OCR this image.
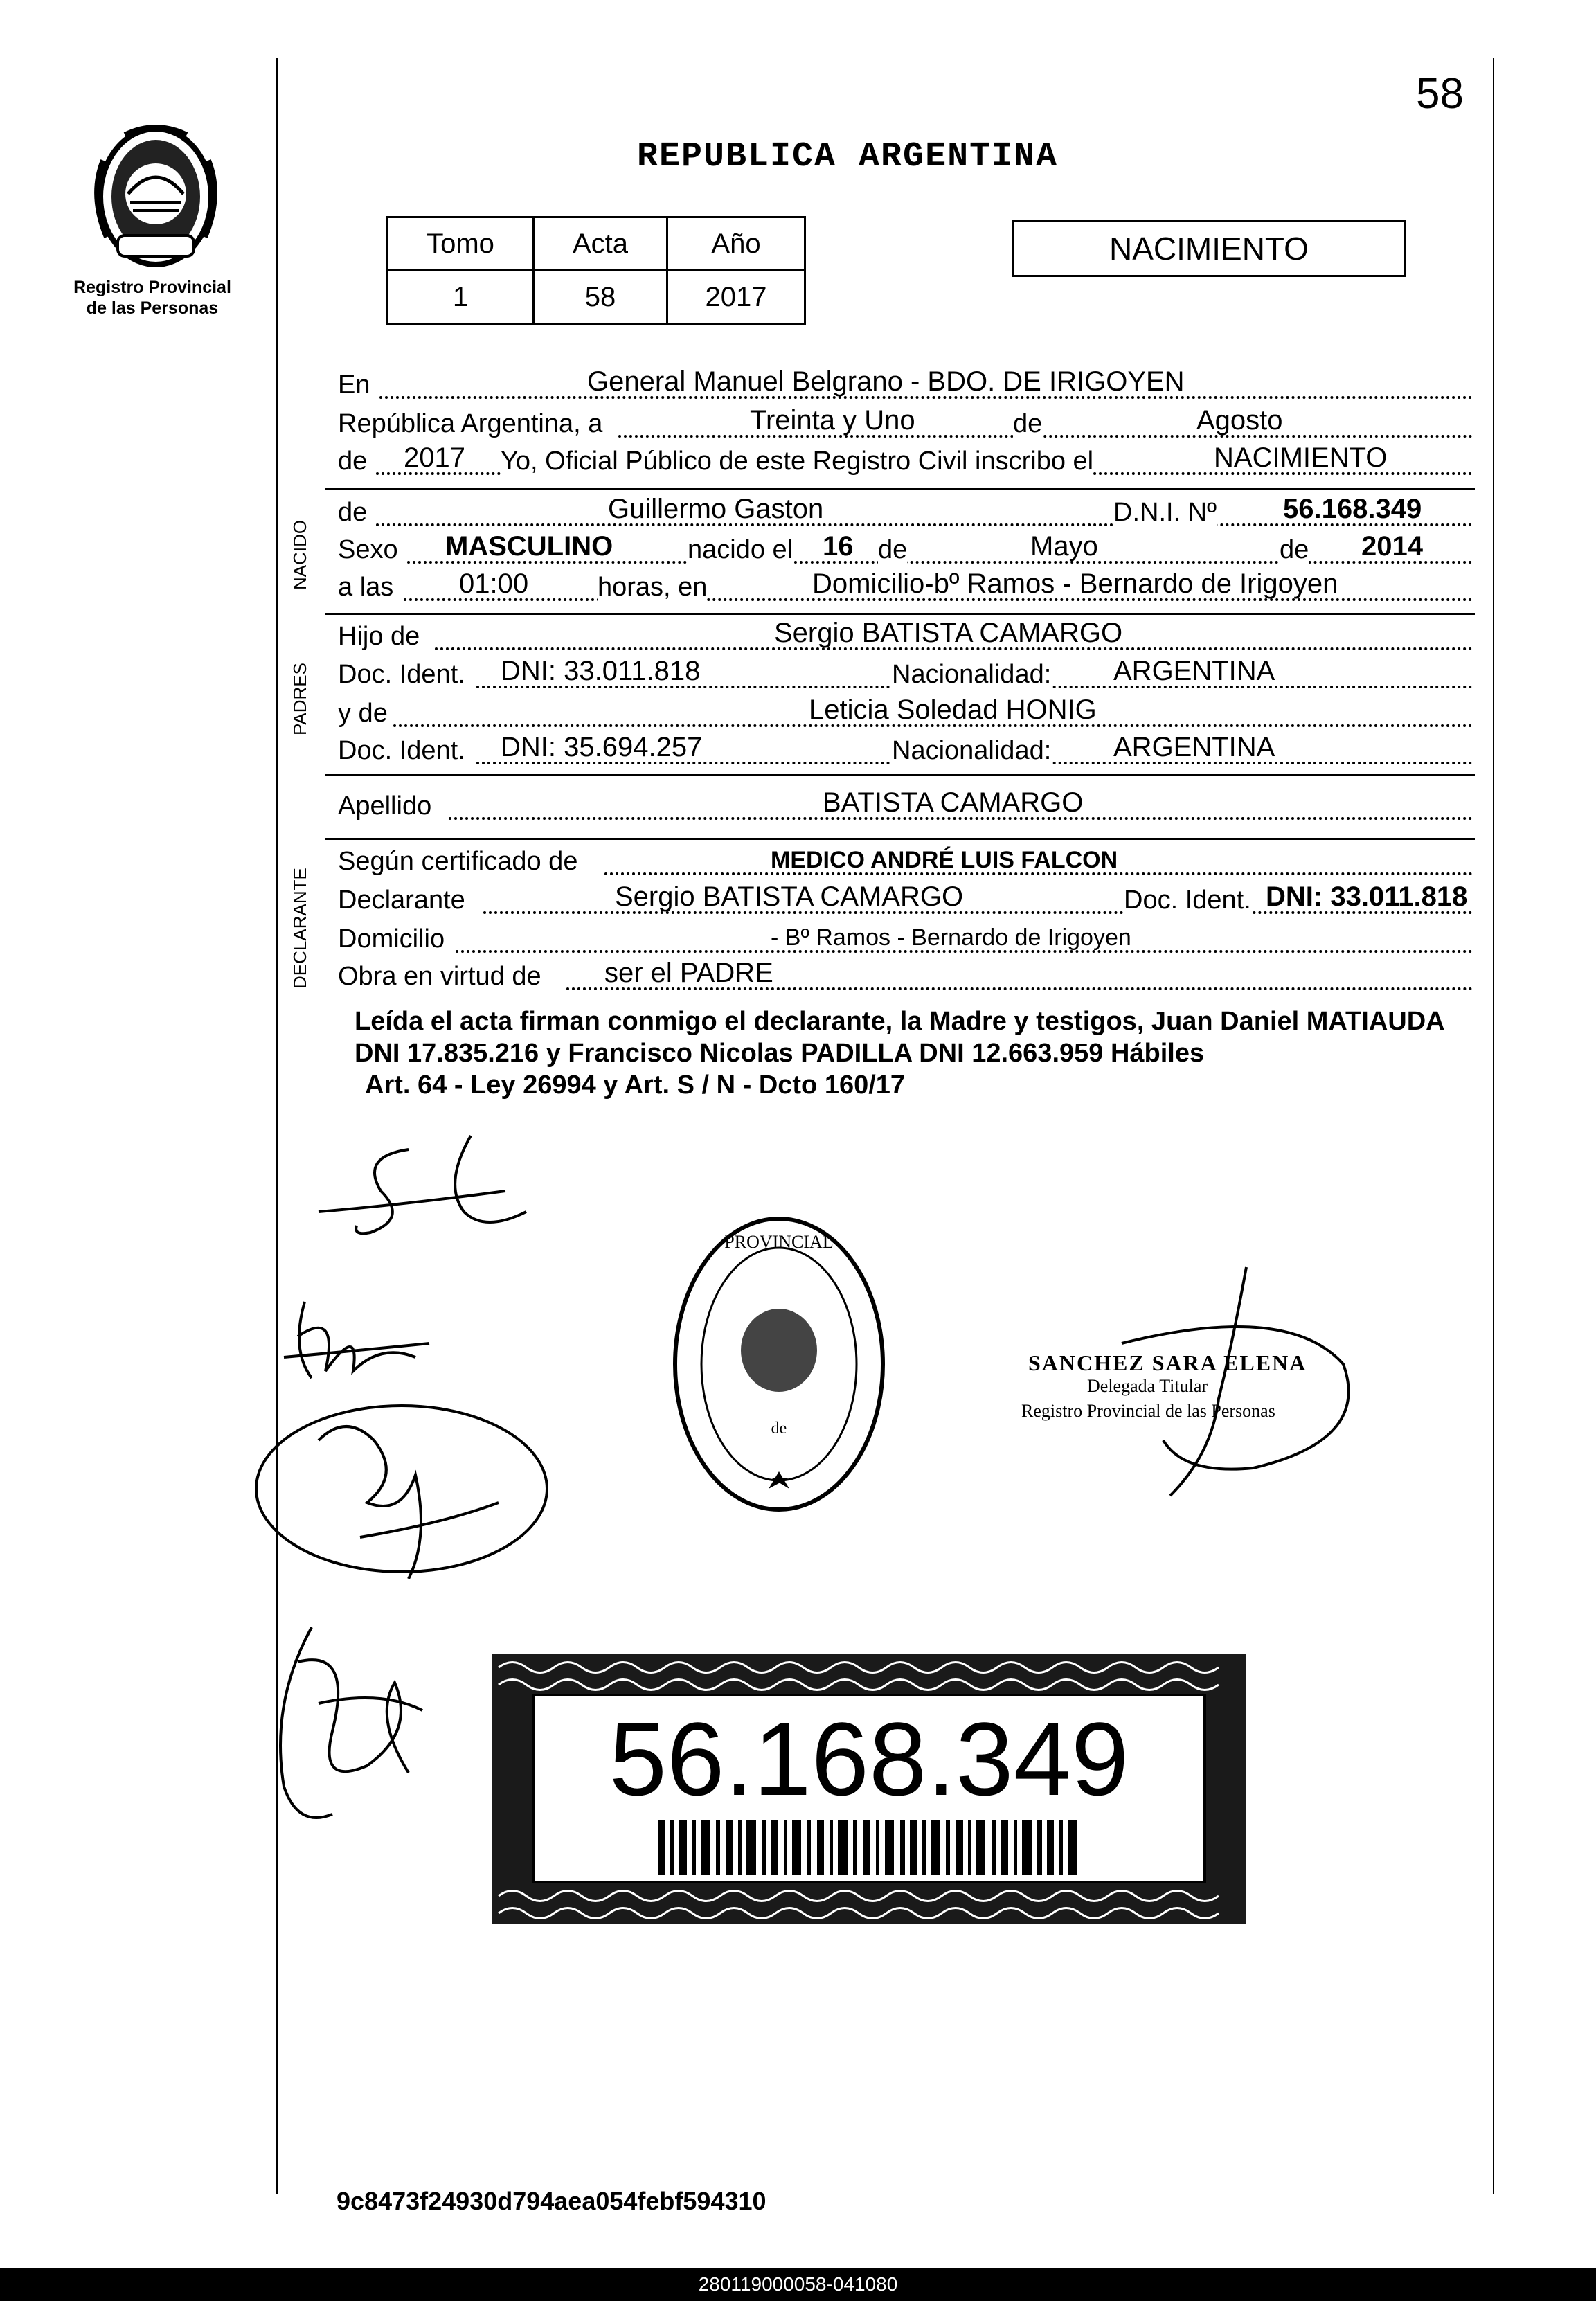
Registro Provincial
de las Personas
58
REPUBLICA ARGENTINA
Tomo	Acta	Año
1	58	2017
NACIMIENTO
En	General Manuel Belgrano - BDO. DE IRIGOYEN
República Argentina, a	Treinta y Uno	de	Agosto
de 2017 Yo, Oficial Público de este Registro Civil inscribo el	NACIMIENTO
NACIDO
de	Guillermo Gaston	D.N.I. Nº 56.168.349
Sexo MASCULINO	nacido el 16 de	Mayo	de 2014
a las 01:00	horas, en	Domicilio-bº Ramos - Bernardo de Irigoyen
PADRES
Hijo de	Sergio BATISTA CAMARGO
Doc. Ident. DNI: 33.011.818	Nacionalidad: ARGENTINA
y de	Leticia Soledad HONIG
Doc. Ident. DNI: 35.694.257	Nacionalidad: ARGENTINA
Apellido	BATISTA CAMARGO
DECLARANTE
Según certificado de	MEDICO ANDRÉ LUIS FALCON
Declarante	Sergio BATISTA CAMARGO	Doc. Ident. DNI: 33.011.818
Domicilio	- Bº Ramos - Bernardo de Irigoyen
Obra en virtud de ser el PADRE
Leída el acta firman conmigo el declarante, la Madre y testigos, Juan Daniel MATIAUDA DNI 17.835.216 y Francisco Nicolas PADILLA DNI 12.663.959 Hábiles
Art. 64 - Ley 26994 y Art. S / N - Dcto 160/17
PROVINCIAL
de
SANCHEZ SARA ELENA
Delegada Titular
Registro Provincial de las Personas
56.168.349
9c8473f24930d794aea054febf594310
280119000058-041080
